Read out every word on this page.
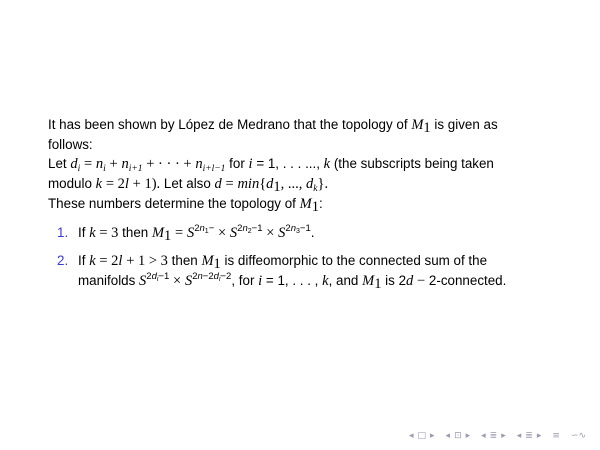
It has been shown by López de Medrano that the topology of $M_1$ is given as
follows:
Let $d_i = n_i + n_{i+1}$ + · · · + $n_{i+l-1}$ for i = 1, . . . ..., k (the subscripts being taken
modulo k = 2l + 1). Let also $d = \min\{d_1$, ..., $d_k$}.
These numbers determine the topology of $M_1$:
1. If k = 3 then $M_1 = S^{2n_1-} \times S^{2n_2-1} \times S^{2n_3-1}$.
2. If k = 2l + 1 > 3 then $M_1$ is diffeomorphic to the connected sum of the
manifolds $S^{2d_i-1} \times S^{2n-2d_i-2}$, for i = 1, . . . , k, and $M_1$ is 2d − 2-connected.
◂ □ ▸ ◂ ⊡ ▸ ◂ ≣ ▸ ◂ ≣ ▸ ≡ ∽∿
